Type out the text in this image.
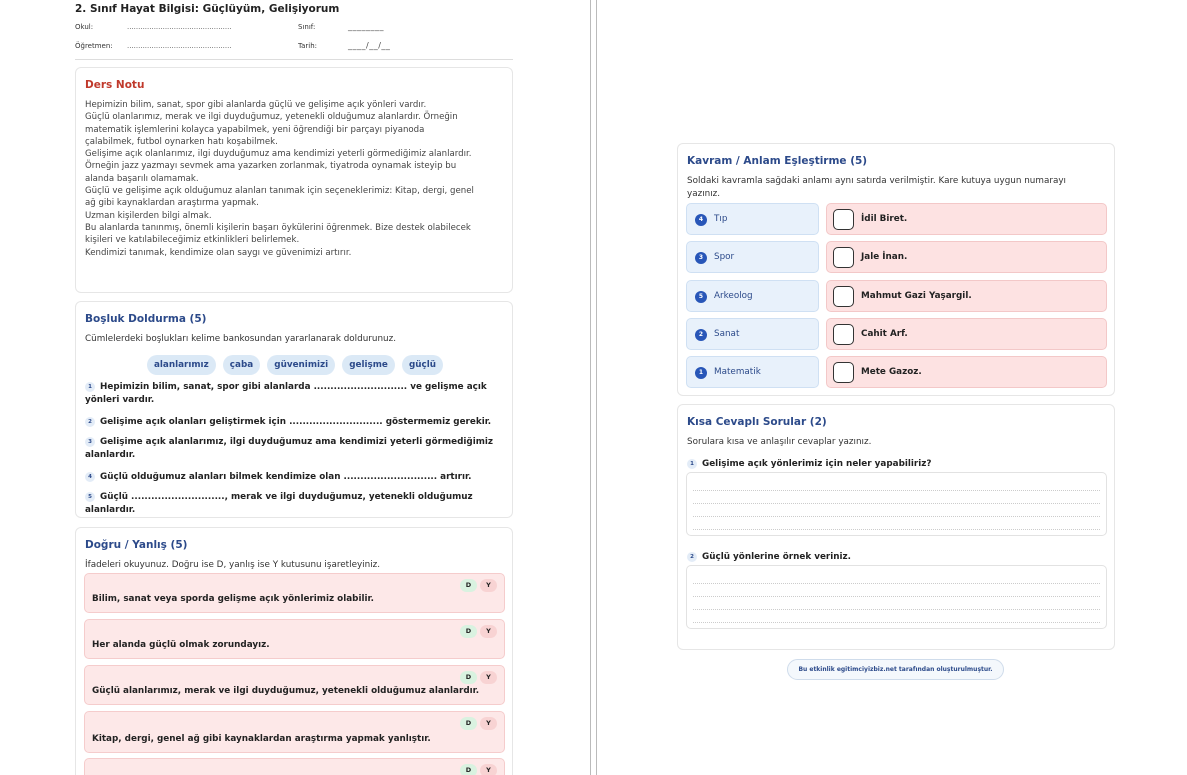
2. Sınıf Hayat Bilgisi: Güçlüyüm, Gelişiyorum
Okul:	...............................................	Sınıf:	________
Öğretmen: ...............................................	Tarih:	____/__/__
Ders Notu
Hepimizin bilim, sanat, spor gibi alanlarda güçlü ve gelişime açık yönleri vardır.
Güçlü olanlarımız, merak ve ilgi duyduğumuz, yetenekli olduğumuz alanlardır. Örneğin
matematik işlemlerini kolayca yapabilmek, yeni öğrendiği bir parçayı piyanoda
çalabilmek, futbol oynarken hatı koşabilmek.
Gelişime açık olanlarımız, ilgi duyduğumuz ama kendimizi yeterli görmediğimiz alanlardır.
Örneğin jazz yazmayı sevmek ama yazarken zorlanmak, tiyatroda oynamak isteyip bu
alanda başarılı olamamak.
Güçlü ve gelişime açık olduğumuz alanları tanımak için seçeneklerimiz: Kitap, dergi, genel
ağ gibi kaynaklardan araştırma yapmak.
Uzman kişilerden bilgi almak.
Bu alanlarda tanınmış, önemli kişilerin başarı öykülerini öğrenmek. Bize destek olabilecek
kişileri ve katılabileceğimiz etkinlikleri belirlemek.
Kendimizi tanımak, kendimize olan saygı ve güvenimizi artırır.
Boşluk Doldurma (5)
Cümlelerdeki boşlukları kelime bankosundan yararlanarak doldurunuz.
alanlarımız çaba güvenimizi gelişme güçlü
1 Hepimizin bilim, sanat, spor gibi alanlarda ............................ ve gelişme açık yönleri vardır.
2 Gelişime açık olanları geliştirmek için ............................ göstermemiz gerekir.
3 Gelişime açık alanlarımız, ilgi duyduğumuz ama kendimizi yeterli görmediğimiz alanlardır.
4 Güçlü olduğumuz alanları bilmek kendimize olan ............................ artırır.
5 Güçlü ............................, merak ve ilgi duyduğumuz, yetenekli olduğumuz alanlardır.
Doğru / Yanlış (5)
İfadeleri okuyunuz. Doğru ise D, yanlış ise Y kutusunu işaretleyiniz.
D	Y
Bilim, sanat veya sporda gelişme açık yönlerimiz olabilir.
D	Y
Her alanda güçlü olmak zorundayız.
D	Y
Güçlü alanlarımız, merak ve ilgi duyduğumuz, yetenekli olduğumuz alanlardır.
D	Y
Kitap, dergi, genel ağ gibi kaynaklardan araştırma yapmak yanlıştır.
D	Y
Kavram / Anlam Eşleştirme (5)
Soldaki kavramla sağdaki anlamı aynı satırda verilmiştir. Kare kutuya uygun numarayı
yazınız.
4	Tıp	İdil Biret.
3	Spor	Jale İnan.
5	Arkeolog	Mahmut Gazi Yaşargil.
2	Sanat	Cahit Arf.
1	Matematik	Mete Gazoz.
Kısa Cevaplı Sorular (2)
Sorulara kısa ve anlaşılır cevaplar yazınız.
1 Gelişime açık yönlerimiz için neler yapabiliriz?
2 Güçlü yönlerine örnek veriniz.
Bu etkinlik egitimciyizbiz.net tarafından oluşturulmuştur.
